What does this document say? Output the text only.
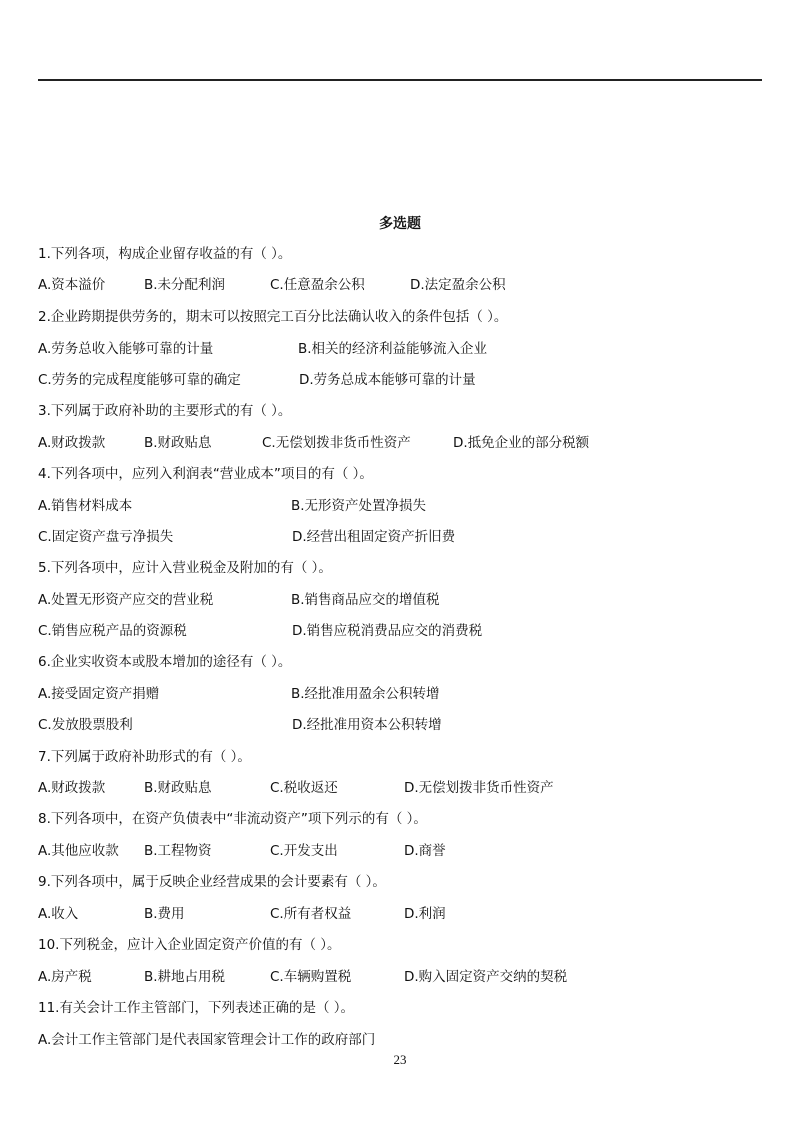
多选题
1.下列各项，构成企业留存收益的有（ ）。
A.资本溢价	B.未分配利润	C.任意盈余公积	D.法定盈余公积
2.企业跨期提供劳务的，期末可以按照完工百分比法确认收入的条件包括（ ）。
A.劳务总收入能够可靠的计量	B.相关的经济利益能够流入企业
C.劳务的完成程度能够可靠的确定	D.劳务总成本能够可靠的计量
3.下列属于政府补助的主要形式的有（ ）。
A.财政拨款	B.财政贴息	C.无偿划拨非货币性资产	D.抵免企业的部分税额
4.下列各项中，应列入利润表“营业成本”项目的有（ ）。
A.销售材料成本	B.无形资产处置净损失
C.固定资产盘亏净损失	D.经营出租固定资产折旧费
5.下列各项中，应计入营业税金及附加的有（ ）。
A.处置无形资产应交的营业税	B.销售商品应交的增值税
C.销售应税产品的资源税	D.销售应税消费品应交的消费税
6.企业实收资本或股本增加的途径有（ ）。
A.接受固定资产捐赠	B.经批准用盈余公积转增
C.发放股票股利	D.经批准用资本公积转增
7.下列属于政府补助形式的有（ ）。
A.财政拨款	B.财政贴息	C.税收返还	D.无偿划拨非货币性资产
8.下列各项中，在资产负债表中“非流动资产”项下列示的有（ ）。
A.其他应收款 B.工程物资	C.开发支出	D.商誉
9.下列各项中，属于反映企业经营成果的会计要素有（ ）。
A.收入	B.费用	C.所有者权益	D.利润
10.下列税金，应计入企业固定资产价值的有（ ）。
A.房产税	B.耕地占用税	C.车辆购置税	D.购入固定资产交纳的契税
11.有关会计工作主管部门，下列表述正确的是（ ）。
A.会计工作主管部门是代表国家管理会计工作的政府部门
23
